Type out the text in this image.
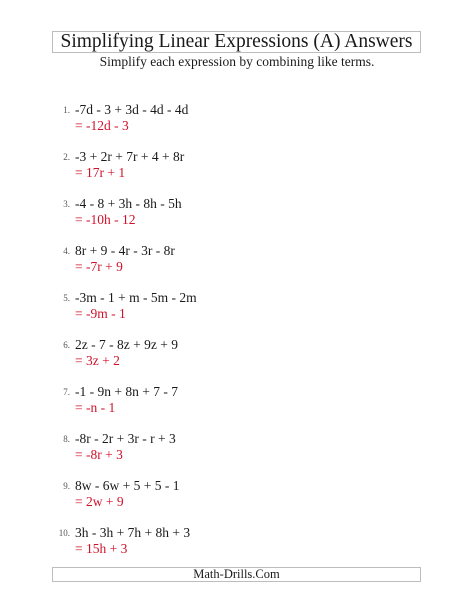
Simplifying Linear Expressions (A) Answers
Simplify each expression by combining like terms.
1. -7d - 3 + 3d - 4d - 4d
= -12d - 3
2. -3 + 2r + 7r + 4 + 8r
= 17r + 1
3. -4 - 8 + 3h - 8h - 5h
= -10h - 12
4. 8r + 9 - 4r - 3r - 8r
= -7r + 9
5. -3m - 1 + m - 5m - 2m
= -9m - 1
6. 2z - 7 - 8z + 9z + 9
= 3z + 2
7. -1 - 9n + 8n + 7 - 7
= -n - 1
8. -8r - 2r + 3r - r + 3
= -8r + 3
9. 8w - 6w + 5 + 5 - 1
= 2w + 9
10. 3h - 3h + 7h + 8h + 3
= 15h + 3
Math-Drills.Com
